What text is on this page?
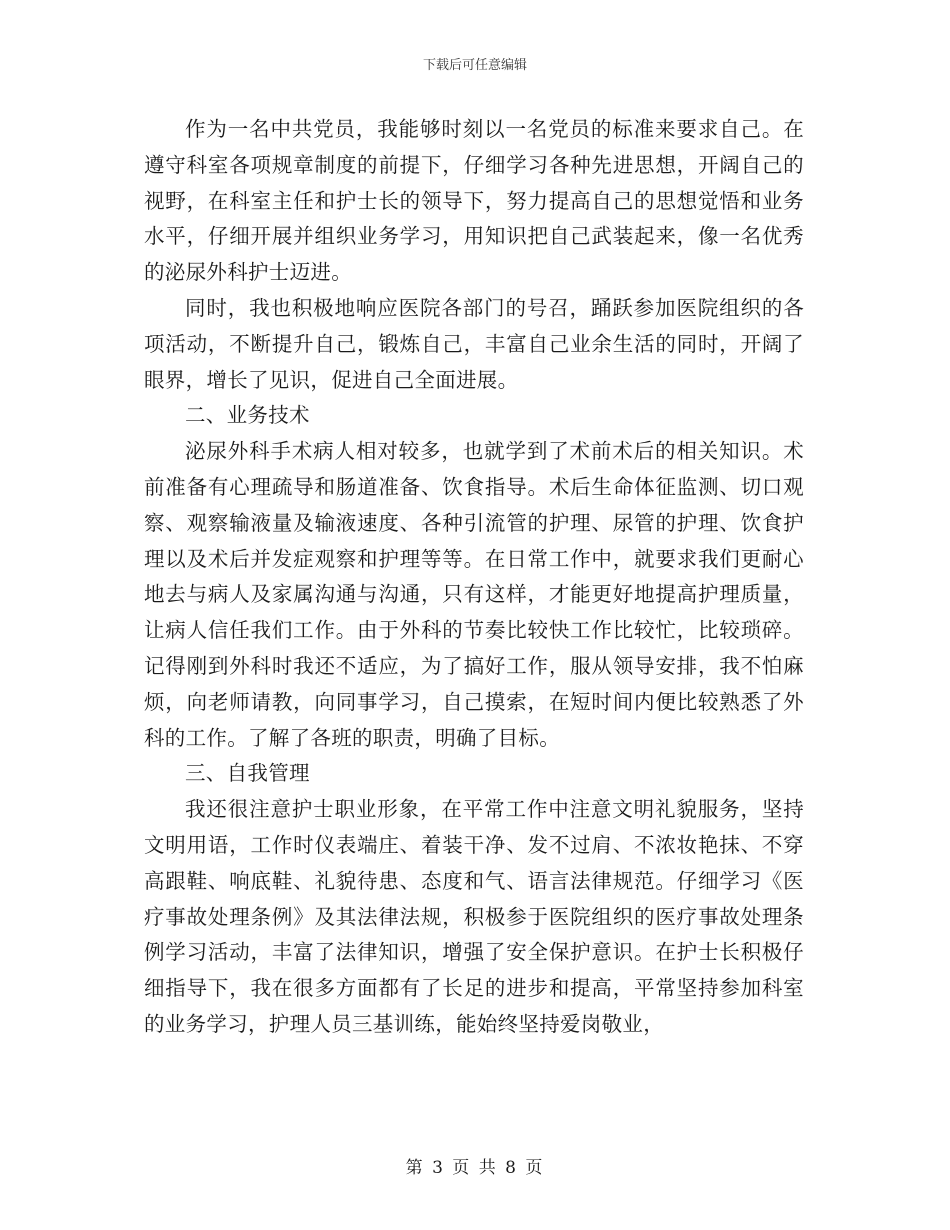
下载后可任意编辑

作为一名中共党员，我能够时刻以一名党员的标准来要求自己。在遵守科室各项规章制度的前提下，仔细学习各种先进思想，开阔自己的视野，在科室主任和护士长的领导下，努力提高自己的思想觉悟和业务水平，仔细开展并组织业务学习，用知识把自己武装起来，像一名优秀的泌尿外科护士迈进。

同时，我也积极地响应医院各部门的号召，踊跃参加医院组织的各项活动，不断提升自己，锻炼自己，丰富自己业余生活的同时，开阔了眼界，增长了见识，促进自己全面进展。

二、业务技术

泌尿外科手术病人相对较多，也就学到了术前术后的相关知识。术前准备有心理疏导和肠道准备、饮食指导。术后生命体征监测、切口观察、观察输液量及输液速度、各种引流管的护理、尿管的护理、饮食护理以及术后并发症观察和护理等等。在日常工作中，就要求我们更耐心地去与病人及家属沟通与沟通，只有这样，才能更好地提高护理质量，让病人信任我们工作。由于外科的节奏比较快工作比较忙，比较琐碎。记得刚到外科时我还不适应，为了搞好工作，服从领导安排，我不怕麻烦，向老师请教，向同事学习，自己摸索，在短时间内便比较熟悉了外科的工作。了解了各班的职责，明确了目标。

三、自我管理

我还很注意护士职业形象，在平常工作中注意文明礼貌服务，坚持文明用语，工作时仪表端庄、着装干净、发不过肩、不浓妆艳抹、不穿高跟鞋、响底鞋、礼貌待患、态度和气、语言法律规范。仔细学习《医疗事故处理条例》及其法律法规，积极参于医院组织的医疗事故处理条例学习活动，丰富了法律知识，增强了安全保护意识。在护士长积极仔细指导下，我在很多方面都有了长足的进步和提高，平常坚持参加科室的业务学习，护理人员三基训练，能始终坚持爱岗敬业，

第 3 页 共 8 页
